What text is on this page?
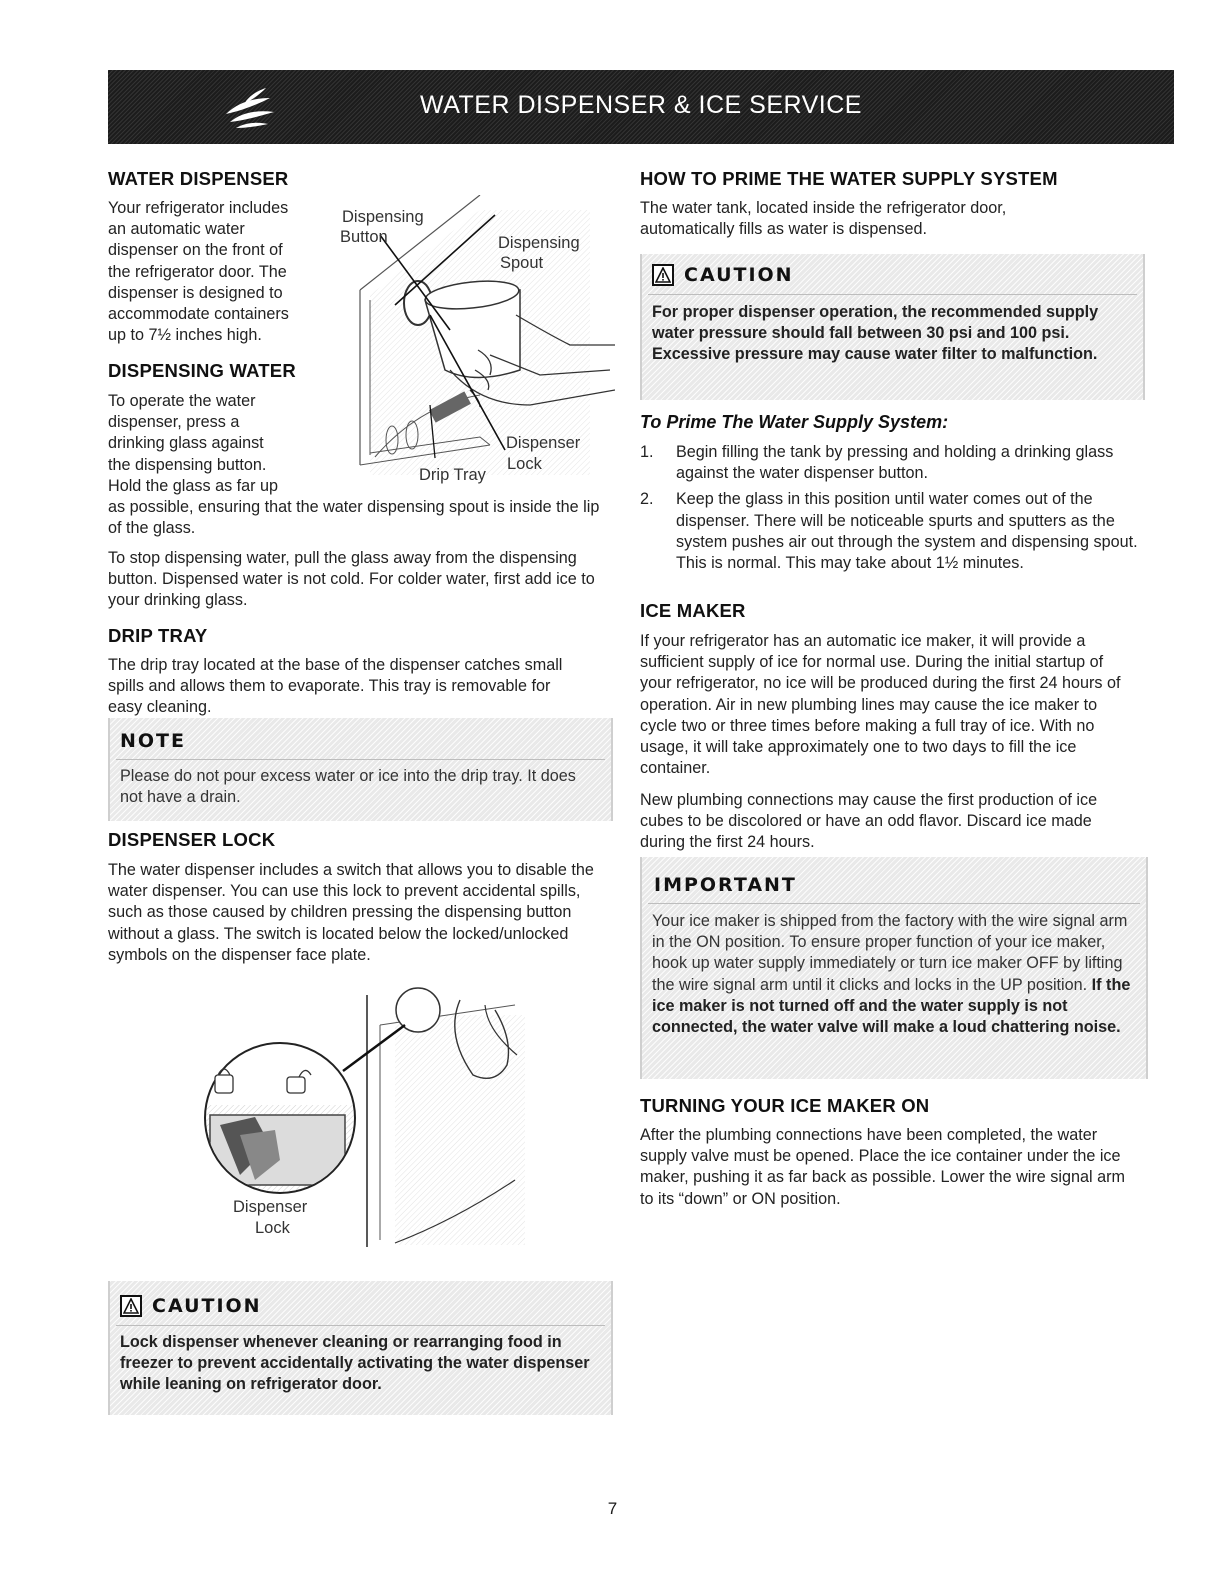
WATER DISPENSER & ICE SERVICE
WATER DISPENSER

Your refrigerator includes

an automatic water

dispenser on the front of

the refrigerator door. The

dispenser is designed to

accommodate containers

up to 7½ inches high.

DISPENSING WATER

To operate the water

dispenser, press a

drinking glass against

the dispensing button.

Hold the glass as far up

as possible, ensuring that the water dispensing spout is inside the lip of the glass.

To stop dispensing water, pull the glass away from the dispensing button. Dispensed water is not cold. For colder water, first add ice to your drinking glass.

Dispensing
Button	Dispensing
Spout
Dispenser
Lock
Drip Tray
DRIP TRAY

The drip tray located at the base of the dispenser catches small spills and allows them to evaporate. This tray is removable for easy cleaning.

NOTE
Please do not pour excess water or ice into the drip tray. It does not have a drain.
DISPENSER LOCK

The water dispenser includes a switch that allows you to disable the water dispenser. You can use this lock to prevent accidental spills, such as those caused by children pressing the dispensing button without a glass. The switch is located below the locked/unlocked symbols on the dispenser face plate.

Dispenser
Lock
CAUTION
Lock dispenser whenever cleaning or rearranging food in freezer to prevent accidentally activating the water dispenser while leaning on refrigerator door.
HOW TO PRIME THE WATER SUPPLY SYSTEM

The water tank, located inside the refrigerator door, automatically fills as water is dispensed.

CAUTION
For proper dispenser operation, the recommended supply water pressure should fall between 30 psi and 100 psi. Excessive pressure may cause water filter to malfunction.
To Prime The Water Supply System:
1. Begin filling the tank by pressing and holding a drinking glass against the water dispenser button.
2. Keep the glass in this position until water comes out of the dispenser. There will be noticeable spurts and sputters as the system pushes air out through the system and dispensing spout. This is normal. This may take about 1½ minutes.
ICE MAKER

If your refrigerator has an automatic ice maker, it will provide a sufficient supply of ice for normal use. During the initial startup of your refrigerator, no ice will be produced during the first 24 hours of operation. Air in new plumbing lines may cause the ice maker to cycle two or three times before making a full tray of ice. With no usage, it will take approximately one to two days to fill the ice container.

New plumbing connections may cause the first production of ice cubes to be discolored or have an odd flavor. Discard ice made during the first 24 hours.

IMPORTANT
Your ice maker is shipped from the factory with the wire signal arm in the ON position. To ensure proper function of your ice maker, hook up water supply immediately or turn ice maker OFF by lifting the wire signal arm until it clicks and locks in the UP position. If the ice maker is not turned off and the water supply is not connected, the water valve will make a loud chattering noise.
TURNING YOUR ICE MAKER ON

After the plumbing connections have been completed, the water supply valve must be opened. Place the ice container under the ice maker, pushing it as far back as possible. Lower the wire signal arm to its “down” or ON position.

7
